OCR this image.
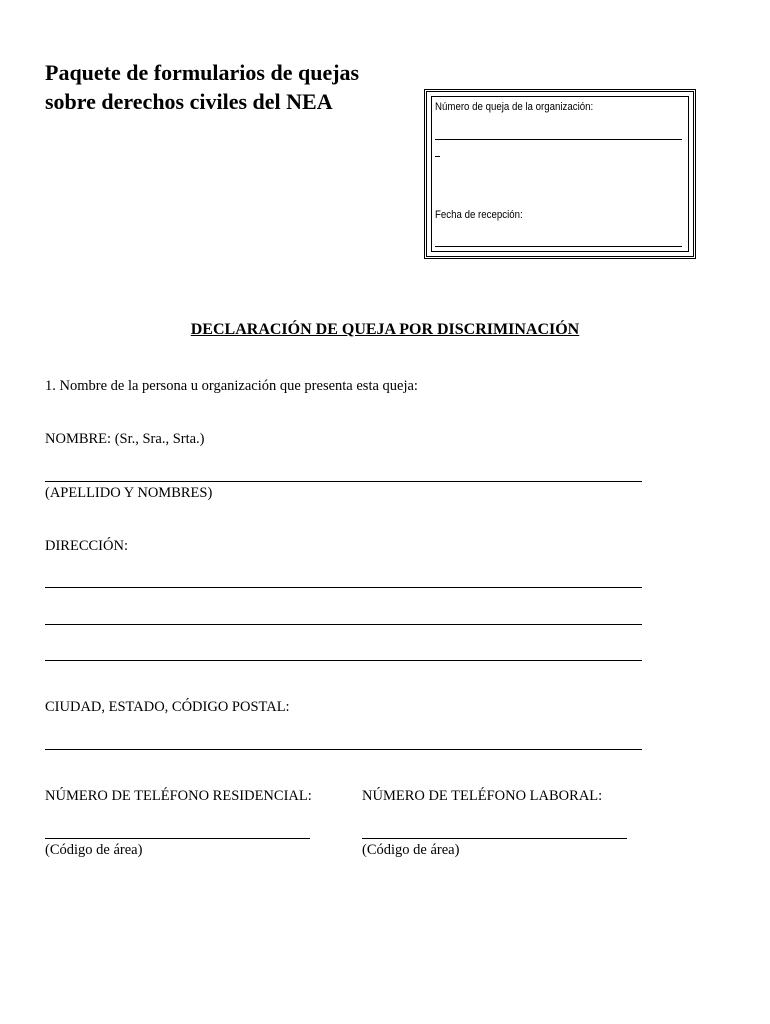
Paquete de formularios de quejas
sobre derechos civiles del NEA	Número de queja de la organización:
Fecha de recepción:
DECLARACIÓN DE QUEJA POR DISCRIMINACIÓN
1. Nombre de la persona u organización que presenta esta queja:
NOMBRE: (Sr., Sra., Srta.)
(APELLIDO Y NOMBRES)
DIRECCIÓN:
CIUDAD, ESTADO, CÓDIGO POSTAL:
NÚMERO DE TELÉFONO RESIDENCIAL:	NÚMERO DE TELÉFONO LABORAL:
(Código de área)	(Código de área)
